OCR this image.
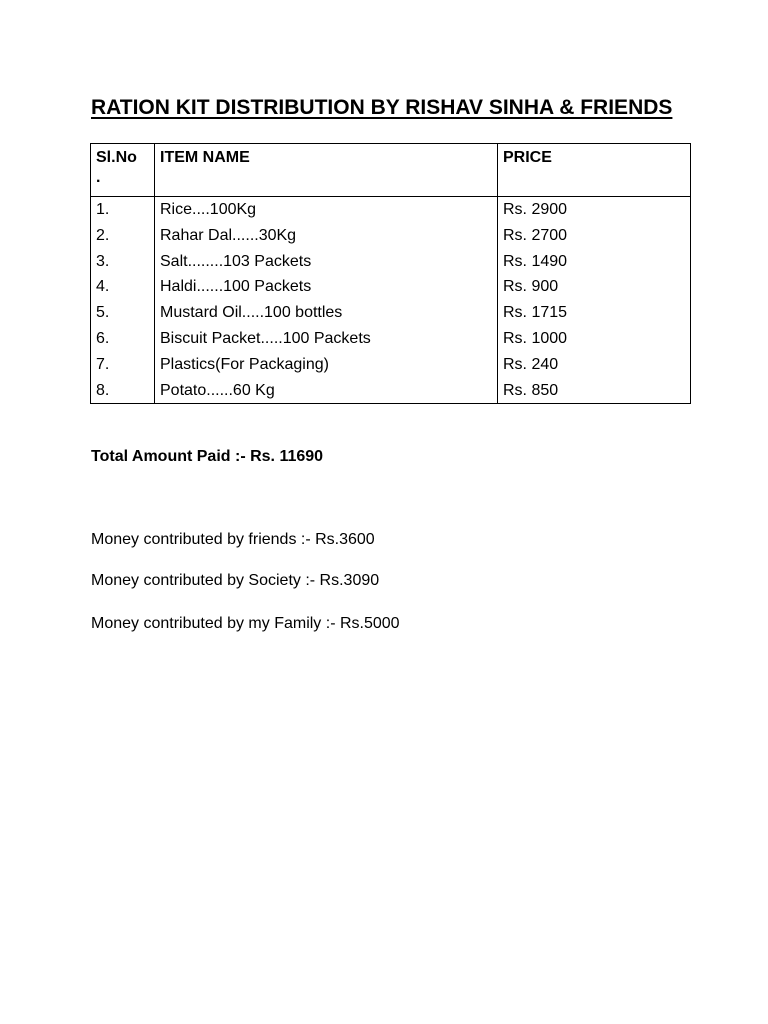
RATION KIT DISTRIBUTION BY RISHAV SINHA & FRIENDS
Sl.No
.	ITEM NAME	PRICE
1.	Rice....100Kg	Rs. 2900
2.	Rahar Dal......30Kg	Rs. 2700
3.	Salt........103 Packets	Rs. 1490
4.	Haldi......100 Packets	Rs. 900
5.	Mustard Oil.....100 bottles	Rs. 1715
6.	Biscuit Packet.....100 Packets	Rs. 1000
7.	Plastics(For Packaging)	Rs. 240
8.	Potato......60 Kg	Rs. 850
Total Amount Paid :- Rs. 11690
Money contributed by friends :- Rs.3600
Money contributed by Society :- Rs.3090
Money contributed by my Family :- Rs.5000
